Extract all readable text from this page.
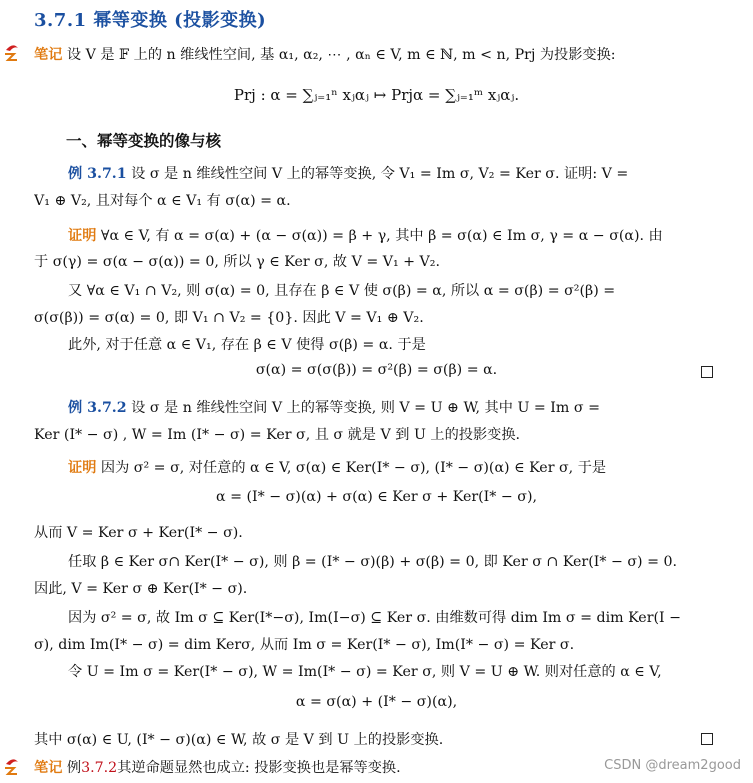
3.7.1 幂等变换 (投影变换)
笔记 设 V 是 𝔽 上的 n 维线性空间, 基 α₁, α₂, ⋯ , αₙ ∈ V, m ∈ ℕ, m < n, Prj 为投影变换:
Prj : α = ∑ⱼ₌₁ⁿ xⱼαⱼ ↦ Prjα = ∑ⱼ₌₁ᵐ xⱼαⱼ.
一、幂等变换的像与核
例 3.7.1 设 σ 是 n 维线性空间 V 上的幂等变换, 令 V₁ = Im σ, V₂ = Ker σ. 证明: V =
V₁ ⊕ V₂, 且对每个 α ∈ V₁ 有 σ(α) = α.
证明 ∀α ∈ V, 有 α = σ(α) + (α − σ(α)) = β + γ, 其中 β = σ(α) ∈ Im σ, γ = α − σ(α). 由
于 σ(γ) = σ(α − σ(α)) = 0, 所以 γ ∈ Ker σ, 故 V = V₁ + V₂.
又 ∀α ∈ V₁ ∩ V₂, 则 σ(α) = 0, 且存在 β ∈ V 使 σ(β) = α, 所以 α = σ(β) = σ²(β) =
σ(σ(β)) = σ(α) = 0, 即 V₁ ∩ V₂ = {0}. 因此 V = V₁ ⊕ V₂.
此外, 对于任意 α ∈ V₁, 存在 β ∈ V 使得 σ(β) = α. 于是
σ(α) = σ(σ(β)) = σ²(β) = σ(β) = α.
例 3.7.2 设 σ 是 n 维线性空间 V 上的幂等变换, 则 V = U ⊕ W, 其中 U = Im σ =
Ker (I* − σ) , W = Im (I* − σ) = Ker σ, 且 σ 就是 V 到 U 上的投影变换.
证明 因为 σ² = σ, 对任意的 α ∈ V, σ(α) ∈ Ker(I* − σ), (I* − σ)(α) ∈ Ker σ, 于是
α = (I* − σ)(α) + σ(α) ∈ Ker σ + Ker(I* − σ),
从而 V = Ker σ + Ker(I* − σ).
任取 β ∈ Ker σ∩ Ker(I* − σ), 则 β = (I* − σ)(β) + σ(β) = 0, 即 Ker σ ∩ Ker(I* − σ) = 0.
因此, V = Ker σ ⊕ Ker(I* − σ).
因为 σ² = σ, 故 Im σ ⊆ Ker(I*−σ), Im(I−σ) ⊆ Ker σ. 由维数可得 dim Im σ = dim Ker(I −
σ), dim Im(I* − σ) = dim Kerσ, 从而 Im σ = Ker(I* − σ), Im(I* − σ) = Ker σ.
令 U = Im σ = Ker(I* − σ), W = Im(I* − σ) = Ker σ, 则 V = U ⊕ W. 则对任意的 α ∈ V,
α = σ(α) + (I* − σ)(α),
其中 σ(α) ∈ U, (I* − σ)(α) ∈ W, 故 σ 是 V 到 U 上的投影变换.
笔记 例3.7.2其逆命题显然也成立: 投影变换也是幂等变换.	CSDN @dream2good
